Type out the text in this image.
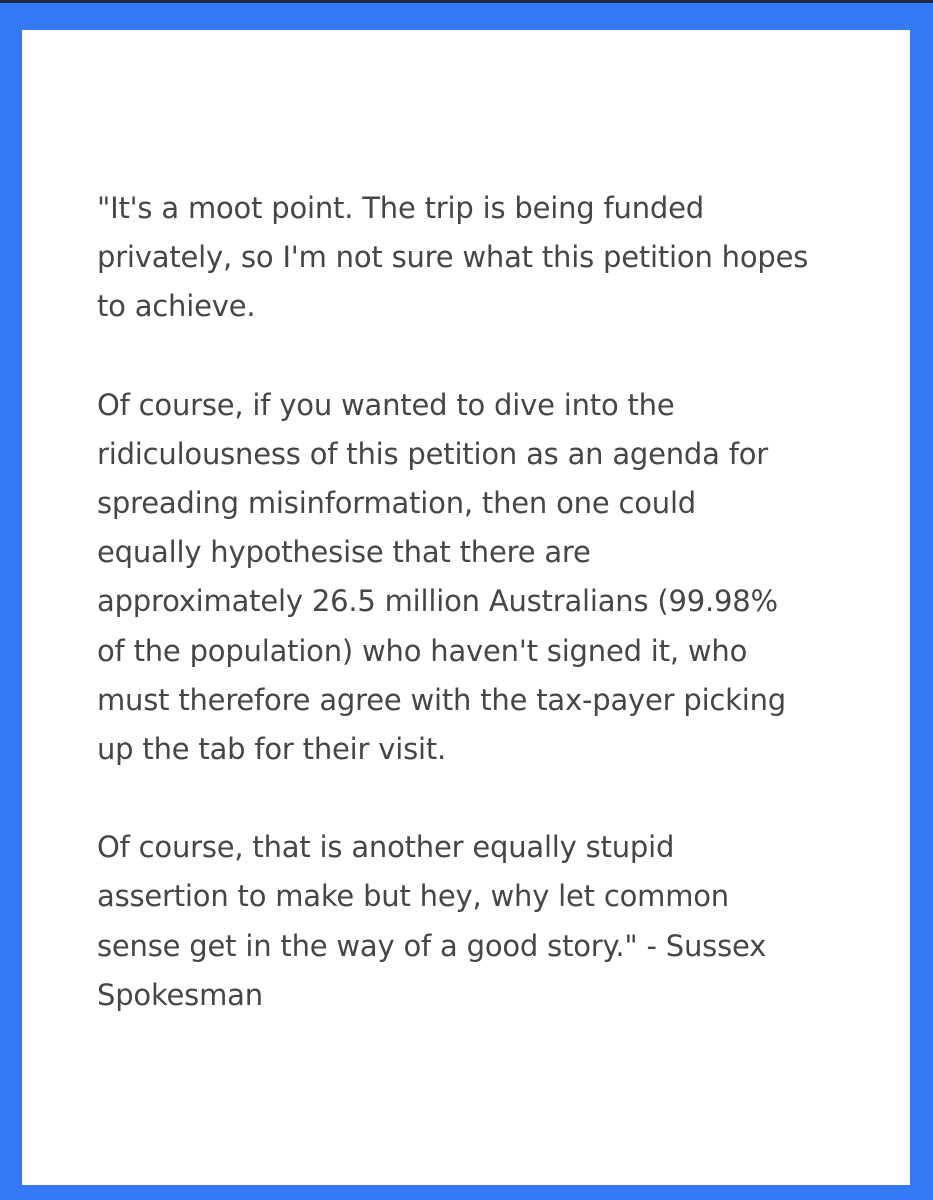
"It's a moot point. The trip is being funded
privately, so I'm not sure what this petition hopes
to achieve.

Of course, if you wanted to dive into the
ridiculousness of this petition as an agenda for
spreading misinformation, then one could
equally hypothesise that there are
approximately 26.5 million Australians (99.98%
of the population) who haven't signed it, who
must therefore agree with the tax-payer picking
up the tab for their visit.

Of course, that is another equally stupid
assertion to make but hey, why let common
sense get in the way of a good story." - Sussex
Spokesman
